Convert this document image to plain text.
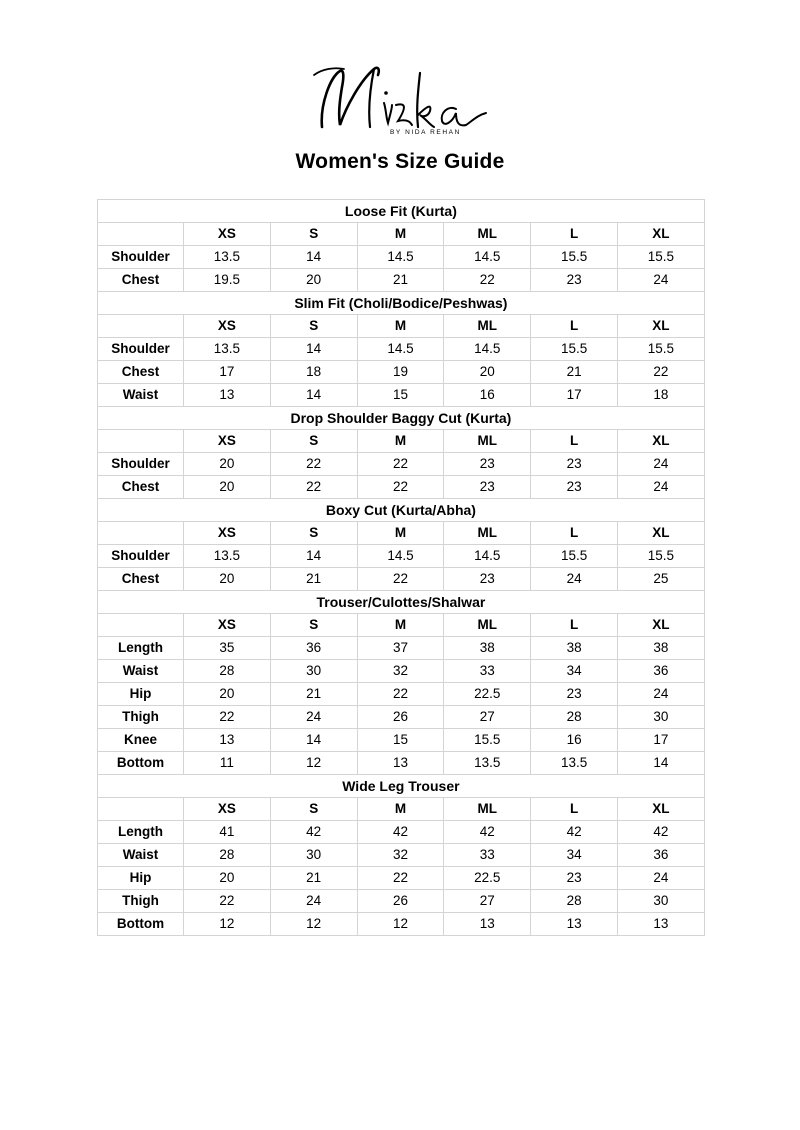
BY NIDA REHAN
Women's Size Guide
Loose Fit (Kurta)						
	XS	S	M	ML	L	XL
Shoulder	13.5	14	14.5	14.5	15.5	15.5
Chest	19.5	20	21	22	23	24
Slim Fit (Choli/Bodice/Peshwas)						
	XS	S	M	ML	L	XL
Shoulder	13.5	14	14.5	14.5	15.5	15.5
Chest	17	18	19	20	21	22
Waist	13	14	15	16	17	18
Drop Shoulder Baggy Cut (Kurta)						
	XS	S	M	ML	L	XL
Shoulder	20	22	22	23	23	24
Chest	20	22	22	23	23	24
Boxy Cut (Kurta/Abha)						
	XS	S	M	ML	L	XL
Shoulder	13.5	14	14.5	14.5	15.5	15.5
Chest	20	21	22	23	24	25
Trouser/Culottes/Shalwar						
	XS	S	M	ML	L	XL
Length	35	36	37	38	38	38
Waist	28	30	32	33	34	36
Hip	20	21	22	22.5	23	24
Thigh	22	24	26	27	28	30
Knee	13	14	15	15.5	16	17
Bottom	11	12	13	13.5	13.5	14
Wide Leg Trouser						
	XS	S	M	ML	L	XL
Length	41	42	42	42	42	42
Waist	28	30	32	33	34	36
Hip	20	21	22	22.5	23	24
Thigh	22	24	26	27	28	30
Bottom	12	12	12	13	13	13
